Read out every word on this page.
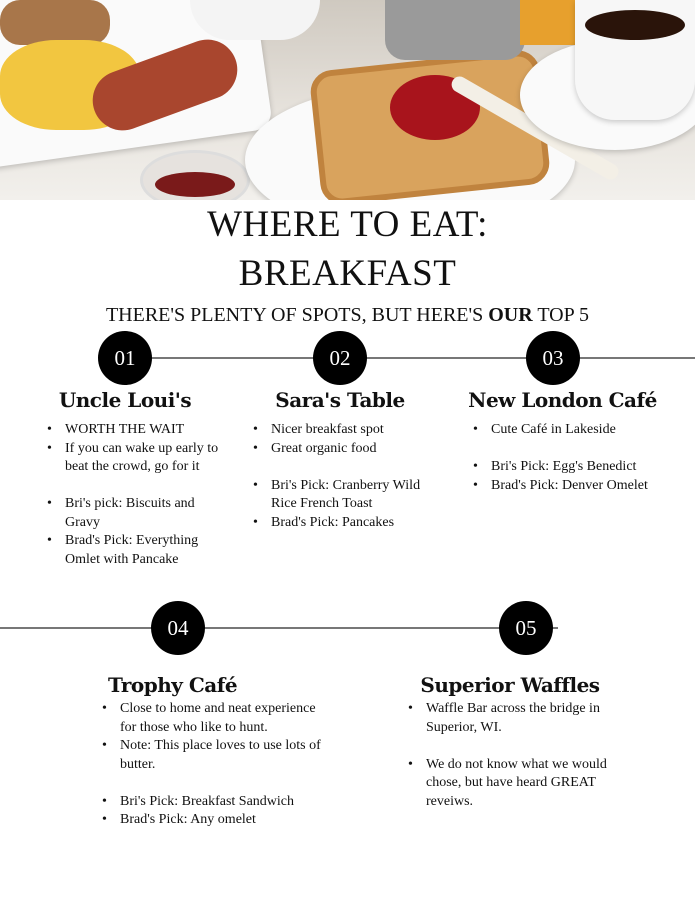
WHERE TO EAT:
BREAKFAST
THERE'S PLENTY OF SPOTS, BUT HERE'S OUR TOP 5
01
Uncle Loui's
• WORTH THE WAIT
• If you can wake up early to beat the crowd, go for it
• Bri's pick: Biscuits and Gravy
• Brad's Pick: Everything Omlet with Pancake
02
Sara's Table
• Nicer breakfast spot
• Great organic food
• Bri's Pick: Cranberry Wild Rice French Toast
• Brad's Pick: Pancakes
03
New London Café
• Cute Café in Lakeside
• Bri's Pick: Egg's Benedict
• Brad's Pick: Denver Omelet
04
Trophy Café
• Close to home and neat experience for those who like to hunt.
• Note: This place loves to use lots of butter.
• Bri's Pick: Breakfast Sandwich
• Brad's Pick: Any omelet
05
Superior Waffles
• Waffle Bar across the bridge in Superior, WI.
• We do not know what we would chose, but have heard GREAT reveiws.
